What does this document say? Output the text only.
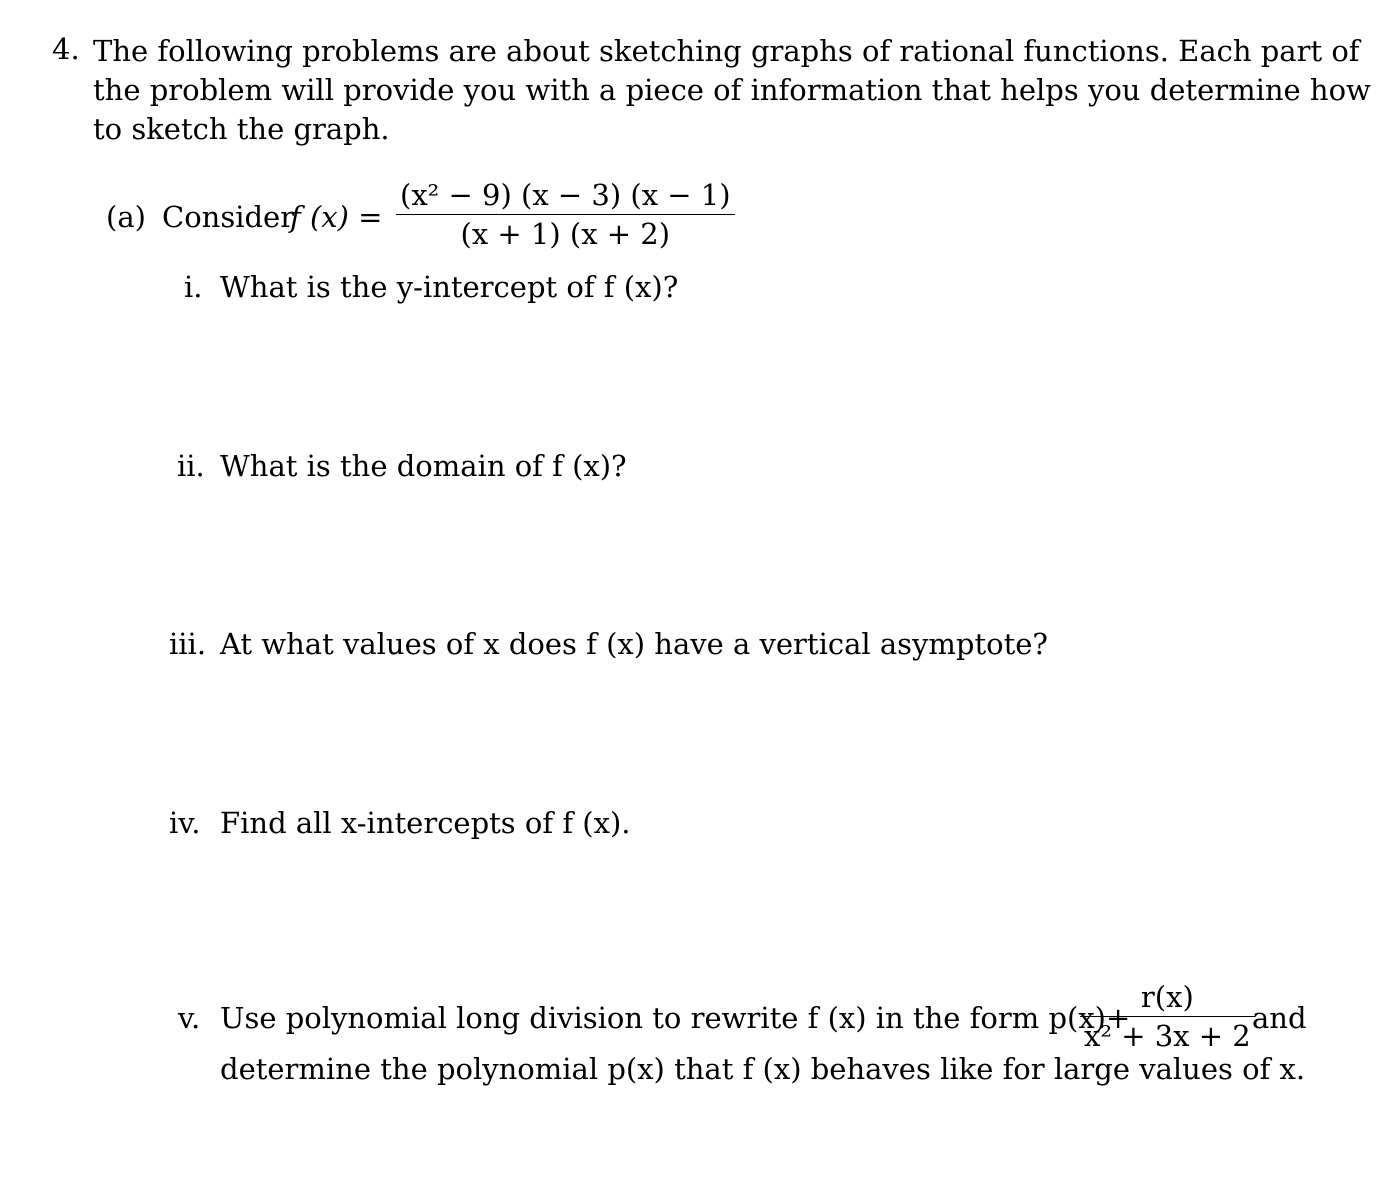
4. The following problems are about sketching graphs of rational functions. Each part of
the problem will provide you with a piece of information that helps you determine how
to sketch the graph.
(a) Consider
f $(x) = \frac{\text{(x² − 9) (x − 3) (x − 1)}}{(x + 1) (x + 2)}$
i. What is the y-intercept of f (x)?
ii. What is the domain of f (x)?
iii. At what values of x does f (x) have a vertical asymptote?
iv. Find all x-intercepts of f (x).
v. Use polynomial long division to rewrite f (x) in the form p(x)+
$\frac{r(x)}{\text{x² + 3x + 2}}$
and
determine the polynomial p(x) that f (x) behaves like for large values of x.
